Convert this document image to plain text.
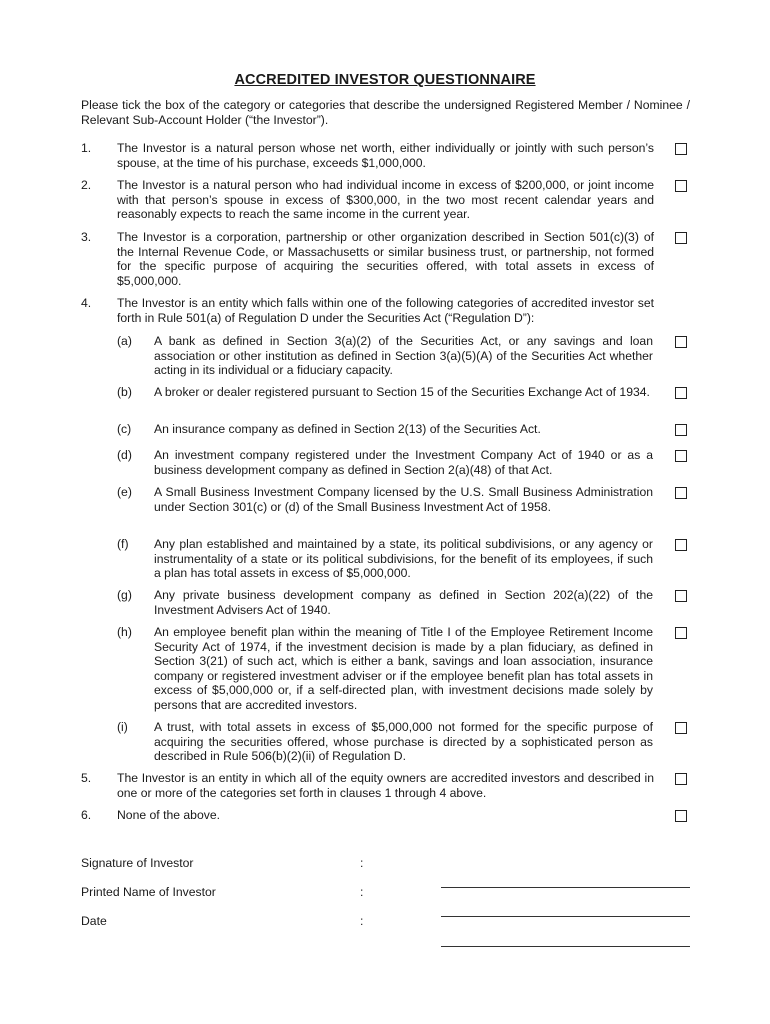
ACCREDITED INVESTOR QUESTIONNAIRE
Please tick the box of the category or categories that describe the undersigned Registered Member / Nominee / Relevant Sub-Account Holder (“the Investor”).
1. The Investor is a natural person whose net worth, either individually or jointly with such person’s spouse, at the time of his purchase, exceeds $1,000,000.
2. The Investor is a natural person who had individual income in excess of $200,000, or joint income with that person’s spouse in excess of $300,000, in the two most recent calendar years and reasonably expects to reach the same income in the current year.
3. The Investor is a corporation, partnership or other organization described in Section 501(c)(3) of the Internal Revenue Code, or Massachusetts or similar business trust, or partnership, not formed for the specific purpose of acquiring the securities offered, with total assets in excess of $5,000,000.
4. The Investor is an entity which falls within one of the following categories of accredited investor set forth in Rule 501(a) of Regulation D under the Securities Act (“Regulation D”):
(a) A bank as defined in Section 3(a)(2) of the Securities Act, or any savings and loan association or other institution as defined in Section 3(a)(5)(A) of the Securities Act whether acting in its individual or a fiduciary capacity.
(b) A broker or dealer registered pursuant to Section 15 of the Securities Exchange Act of 1934.
(c) An insurance company as defined in Section 2(13) of the Securities Act.
(d) An investment company registered under the Investment Company Act of 1940 or as a business development company as defined in Section 2(a)(48) of that Act.
(e) A Small Business Investment Company licensed by the U.S. Small Business Administration under Section 301(c) or (d) of the Small Business Investment Act of 1958.
(f) Any plan established and maintained by a state, its political subdivisions, or any agency or instrumentality of a state or its political subdivisions, for the benefit of its employees, if such a plan has total assets in excess of $5,000,000.
(g) Any private business development company as defined in Section 202(a)(22) of the Investment Advisers Act of 1940.
(h) An employee benefit plan within the meaning of Title I of the Employee Retirement Income Security Act of 1974, if the investment decision is made by a plan fiduciary, as defined in Section 3(21) of such act, which is either a bank, savings and loan association, insurance company or registered investment adviser or if the employee benefit plan has total assets in excess of $5,000,000 or, if a self-directed plan, with investment decisions made solely by persons that are accredited investors.
(i) A trust, with total assets in excess of $5,000,000 not formed for the specific purpose of acquiring the securities offered, whose purchase is directed by a sophisticated person as described in Rule 506(b)(2)(ii) of Regulation D.
5. The Investor is an entity in which all of the equity owners are accredited investors and described in one or more of the categories set forth in clauses 1 through 4 above.
6. None of the above.
Signature of Investor	:
Printed Name of Investor	:
Date	:
